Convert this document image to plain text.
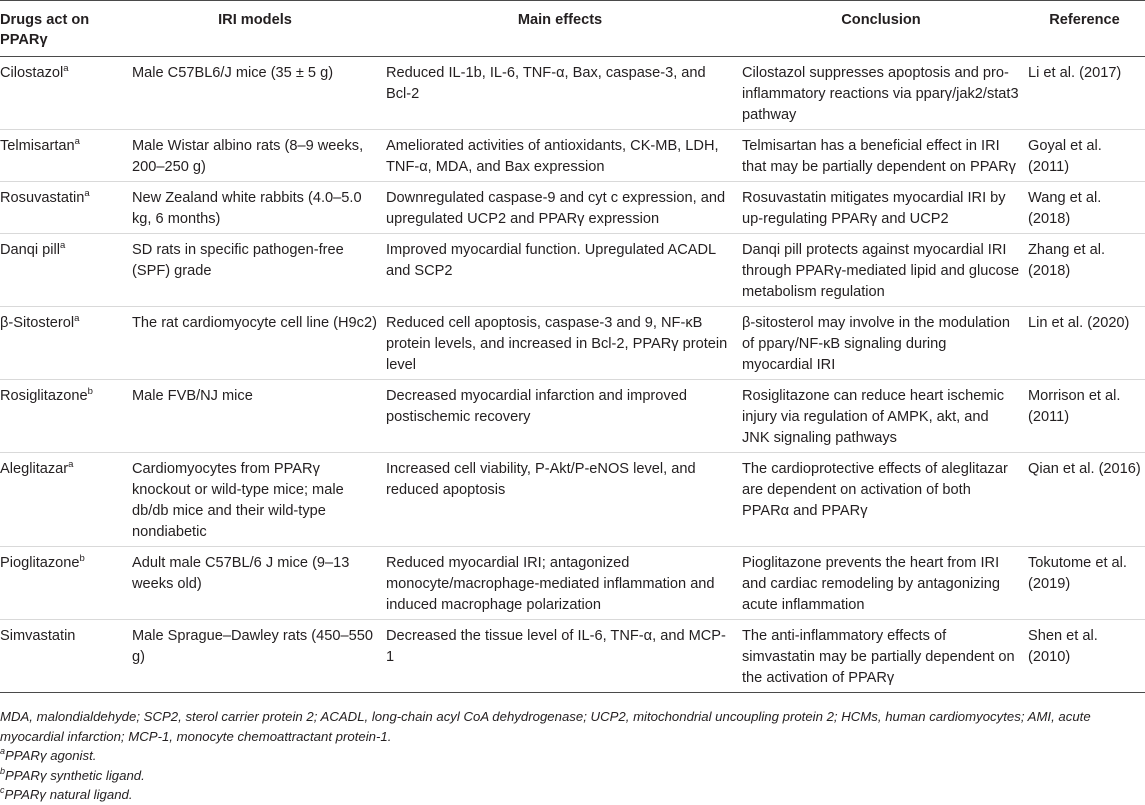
Drugs act on PPARγ	IRI models	Main effects	Conclusion	Reference
Cilostazol$^a$	Male C57BL6/J mice (35 ± 5 g)	Reduced IL-1b, IL-6, TNF-α, Bax, caspase-3, and Bcl-2	Cilostazol suppresses apoptosis and pro-inflammatory reactions via pparγ/jak2/stat3 pathway	Li et al. (2017)
Telmisartan$^a$	Male Wistar albino rats (8–9 weeks, 200–250 g)	Ameliorated activities of antioxidants, CK-MB, LDH, TNF-α, MDA, and Bax expression	Telmisartan has a beneficial effect in IRI that may be partially dependent on PPARγ	Goyal et al. (2011)
Rosuvastatin$^a$	New Zealand white rabbits (4.0–5.0 kg, 6 months)	Downregulated caspase-9 and cyt c expression, and upregulated UCP2 and PPARγ expression	Rosuvastatin mitigates myocardial IRI by up-regulating PPARγ and UCP2	Wang et al. (2018)
Danqi pill$^a$	SD rats in specific pathogen-free (SPF) grade	Improved myocardial function. Upregulated ACADL and SCP2	Danqi pill protects against myocardial IRI through PPARγ-mediated lipid and glucose metabolism regulation	Zhang et al. (2018)
β-Sitosterol$^a$	The rat cardiomyocyte cell line (H9c2)	Reduced cell apoptosis, caspase-3 and 9, NF-κB protein levels, and increased in Bcl-2, PPARγ protein level	β-sitosterol may involve in the modulation of pparγ/NF-κB signaling during myocardial IRI	Lin et al. (2020)
Rosiglitazone$^b$	Male FVB/NJ mice	Decreased myocardial infarction and improved postischemic recovery	Rosiglitazone can reduce heart ischemic injury via regulation of AMPK, akt, and JNK signaling pathways	Morrison et al. (2011)
Aleglitazar$^a$	Cardiomyocytes from PPARγ knockout or wild-type mice; male db/db mice and their wild-type nondiabetic	Increased cell viability, P-Akt/P-eNOS level, and reduced apoptosis	The cardioprotective effects of aleglitazar are dependent on activation of both PPARα and PPARγ	Qian et al. (2016)
Pioglitazone$^b$	Adult male C57BL/6 J mice (9–13 weeks old)	Reduced myocardial IRI; antagonized monocyte/macrophage-mediated inflammation and induced macrophage polarization	Pioglitazone prevents the heart from IRI and cardiac remodeling by antagonizing acute inflammation	Tokutome et al. (2019)
Simvastatin	Male Sprague–Dawley rats (450–550 g)	Decreased the tissue level of IL-6, TNF-α, and MCP-1	The anti-inflammatory effects of simvastatin may be partially dependent on the activation of PPARγ	Shen et al. (2010)

MDA, malondialdehyde; SCP2, sterol carrier protein 2; ACADL, long-chain acyl CoA dehydrogenase; UCP2, mitochondrial uncoupling protein 2; HCMs, human cardiomyocytes; AMI, acute myocardial infarction; MCP-1, monocyte chemoattractant protein-1.

$^a$PPARγ agonist.

$^b$PPARγ synthetic ligand.

$^c$PPARγ natural ligand.
